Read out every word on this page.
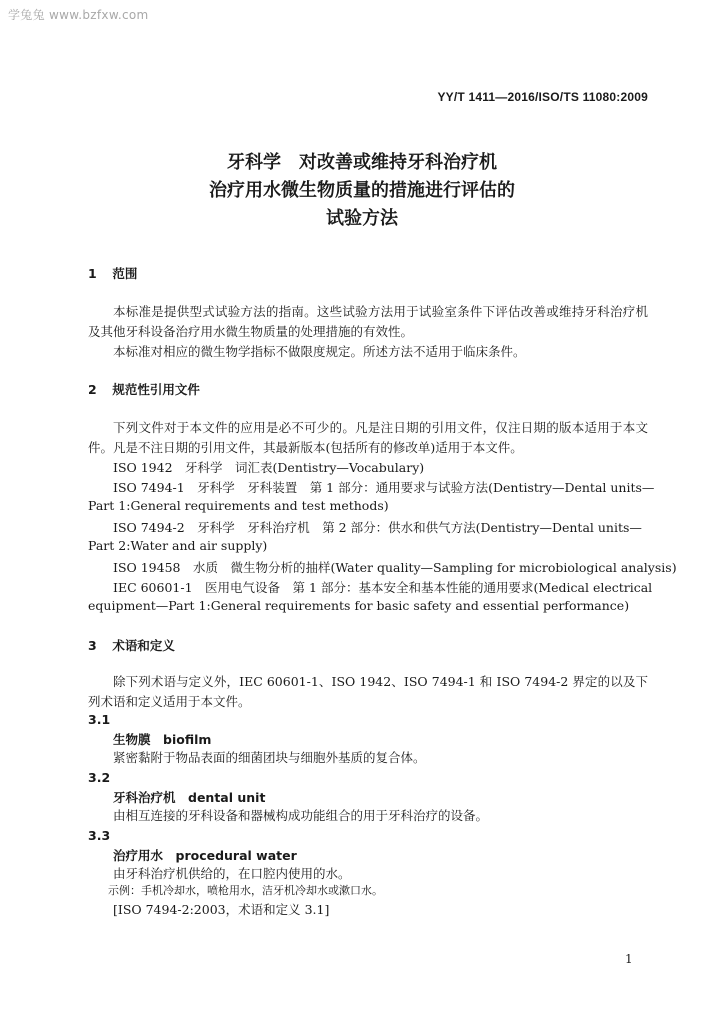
学兔兔 www.bzfxw.com
YY/T 1411—2016/ISO/TS 11080:2009
牙科学　对改善或维持牙科治疗机
治疗用水微生物质量的措施进行评估的
试验方法
1 范围

本标准是提供型式试验方法的指南。这些试验方法用于试验室条件下评估改善或维持牙科治疗机及其他牙科设备治疗用水微生物质量的处理措施的有效性。

本标准对相应的微生物学指标不做限度规定。所述方法不适用于临床条件。

2 规范性引用文件

下列文件对于本文件的应用是必不可少的。凡是注日期的引用文件，仅注日期的版本适用于本文件。凡是不注日期的引用文件，其最新版本(包括所有的修改单)适用于本文件。

ISO 1942　牙科学　词汇表(Dentistry—Vocabulary)
ISO 7494-1　牙科学　牙科装置　第 1 部分：通用要求与试验方法(Dentistry—Dental units—
Part 1:General requirements and test methods)
ISO 7494-2　牙科学　牙科治疗机　第 2 部分：供水和供气方法(Dentistry—Dental units—
Part 2:Water and air supply)
ISO 19458　水质　微生物分析的抽样(Water quality—Sampling for microbiological analysis)
IEC 60601-1　医用电气设备　第 1 部分：基本安全和基本性能的通用要求(Medical electrical
equipment—Part 1:General requirements for basic safety and essential performance)
3 术语和定义

除下列术语与定义外，IEC 60601-1、ISO 1942、ISO 7494-1 和 ISO 7494-2 界定的以及下列术语和定义适用于本文件。

3.1
生物膜　biofilm
紧密黏附于物品表面的细菌团块与细胞外基质的复合体。
3.2
牙科治疗机　dental unit
由相互连接的牙科设备和器械构成功能组合的用于牙科治疗的设备。
3.3
治疗用水　procedural water
由牙科治疗机供给的，在口腔内使用的水。
示例：手机冷却水，喷枪用水，洁牙机冷却水或漱口水。
[ISO 7494-2:2003，术语和定义 3.1]
1
